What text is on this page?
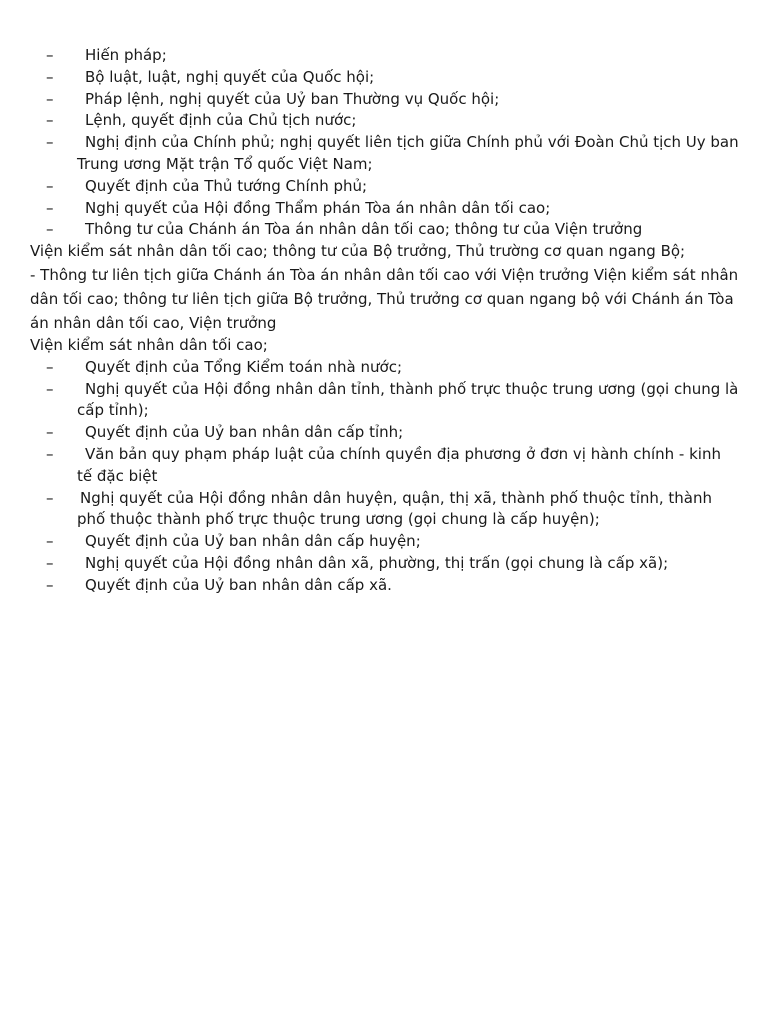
–	Hiến pháp;
–	Bộ luật, luật, nghị quyết của Quốc hội;
–	Pháp lệnh, nghị quyết của Uỷ ban Thường vụ Quốc hội;
–	Lệnh, quyết định của Chủ tịch nước;
–	Nghị định của Chính phủ; nghị quyết liên tịch giữa Chính phủ với Đoàn Chủ tịch Uy ban Trung ương Mặt trận Tổ quốc Việt Nam;
–	Quyết định của Thủ tướng Chính phủ;
–	Nghị quyết của Hội đồng Thẩm phán Tòa án nhân dân tối cao;
–	Thông tư của Chánh án Tòa án nhân dân tối cao; thông tư của Viện trưởng

Viện kiểm sát nhân dân tối cao; thông tư của Bộ trưởng, Thủ trường cơ quan ngang Bộ;

- Thông tư liên tịch giữa Chánh án Tòa án nhân dân tối cao với Viện trưởng Viện kiểm sát nhân dân tối cao; thông tư liên tịch giữa Bộ trưởng, Thủ trưởng cơ quan ngang bộ với Chánh án Tòa án nhân dân tối cao, Viện trưởng

Viện kiểm sát nhân dân tối cao;

–	Quyết định của Tổng Kiểm toán nhà nước;
–	Nghị quyết của Hội đồng nhân dân tỉnh, thành phố trực thuộc trung ương (gọi chung là cấp tỉnh);
–	Quyết định của Uỷ ban nhân dân cấp tỉnh;
–	Văn bản quy phạm pháp luật của chính quyền địa phương ở đơn vị hành chính - kinh tế đặc biệt
–	Nghị quyết của Hội đồng nhân dân huyện, quận, thị xã, thành phố thuộc tỉnh, thành phố thuộc thành phố trực thuộc trung ương (gọi chung là cấp huyện);
–	Quyết định của Uỷ ban nhân dân cấp huyện;
–	Nghị quyết của Hội đồng nhân dân xã, phường, thị trấn (gọi chung là cấp xã);
–	Quyết định của Uỷ ban nhân dân cấp xã.
